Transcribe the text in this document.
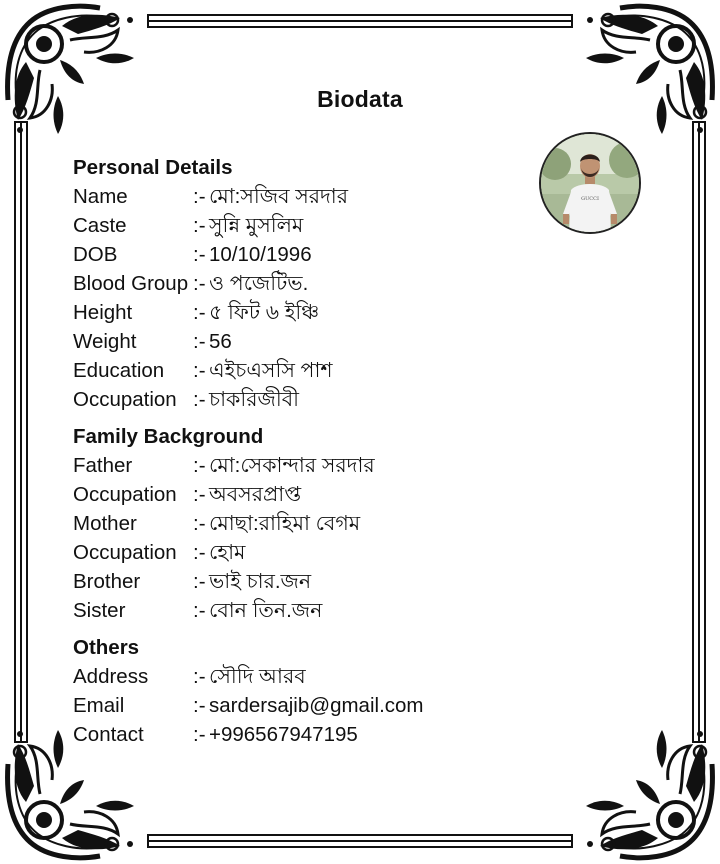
Biodata
GUCCI
Personal Details
Name	:- মো:সজিব সরদার
Caste	:- সুন্নি মুসলিম
DOB	:- 10/10/1996
Blood Group :- ও পজেটিভ.
Height	:- ৫ ফিট ৬ ইঞ্চি
Weight	:- 56
Education	:- এইচএসসি পাশ
Occupation :- চাকরিজীবী
Family Background
Father	:- মো:সেকান্দার সরদার
Occupation :- অবসরপ্রাপ্ত
Mother	:- মোছা:রাহিমা বেগম
Occupation :- হোম
Brother	:- ভাই চার.জন
Sister	:- বোন তিন.জন
Others
Address	:- সৌদি আরব
Email	:- sardersajib@gmail.com
Contact	:- +996567947195
